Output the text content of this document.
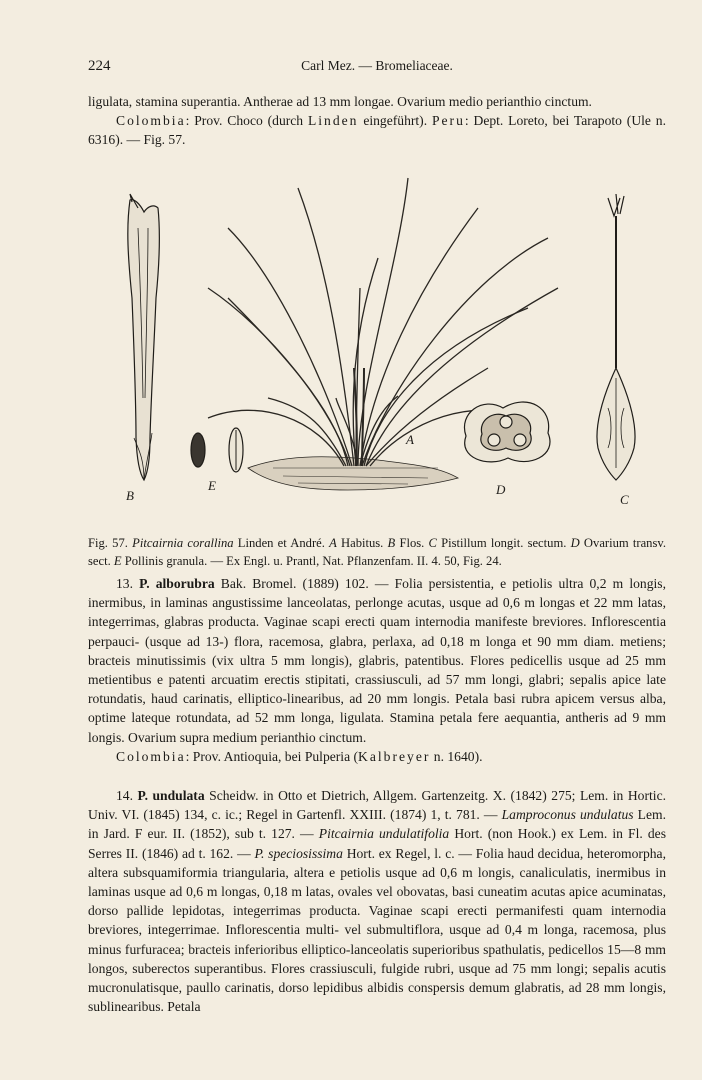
224	Carl Mez. — Bromeliaceae.

ligulata, stamina superantia. Antherae ad 13 mm longae. Ovarium medio perianthio cinctum.

Colombia: Prov. Choco (durch Linden eingeführt). Peru: Dept. Loreto, bei Tarapoto (Ule n. 6316). — Fig. 57.

B
E
A
D
C

Fig. 57. Pitcairnia corallina Linden et André. A Habitus. B Flos. C Pistillum longit. sectum. D Ovarium transv. sect. E Pollinis granula. — Ex Engl. u. Prantl, Nat. Pflanzenfam. II. 4. 50, Fig. 24.

13. P. alborubra Bak. Bromel. (1889) 102. — Folia persistentia, e petiolis ultra 0,2 m longis, inermibus, in laminas angustissime lanceolatas, perlonge acutas, usque ad 0,6 m longas et 22 mm latas, integerrimas, glabras producta. Vaginae scapi erecti quam internodia manifeste breviores. Inflorescentia perpauci- (usque ad 13-) flora, racemosa, glabra, perlaxa, ad 0,18 m longa et 90 mm diam. metiens; bracteis minutissimis (vix ultra 5 mm longis), glabris, patentibus. Flores pedicellis usque ad 25 mm metientibus e patenti arcuatim erectis stipitati, crassiusculi, ad 57 mm longi, glabri; sepalis apice late rotundatis, haud carinatis, elliptico-linearibus, ad 20 mm longis. Petala basi rubra apicem versus alba, optime lateque rotundata, ad 52 mm longa, ligulata. Stamina petala fere aequantia, antheris ad 9 mm longis. Ovarium supra medium perianthio cinctum.

Colombia: Prov. Antioquia, bei Pulperia (Kalbreyer n. 1640).

14. P. undulata Scheidw. in Otto et Dietrich, Allgem. Gartenzeitg. X. (1842) 275; Lem. in Hortic. Univ. VI. (1845) 134, c. ic.; Regel in Gartenfl. XXIII. (1874) 1, t. 781. — Lamproconus undulatus Lem. in Jard. F eur. II. (1852), sub t. 127. — Pitcairnia undulatifolia Hort. (non Hook.) ex Lem. in Fl. des Serres II. (1846) ad t. 162. — P. speciosissima Hort. ex Regel, l. c. — Folia haud decidua, heteromorpha, altera subsquamiformia triangularia, altera e petiolis usque ad 0,6 m longis, canaliculatis, inermibus in laminas usque ad 0,6 m longas, 0,18 m latas, ovales vel obovatas, basi cuneatim acutas apice acuminatas, dorso pallide lepidotas, integerrimas producta. Vaginae scapi erecti permanifesti quam internodia breviores, integerrimae. Inflorescentia multi- vel submultiflora, usque ad 0,4 m longa, racemosa, plus minus furfuracea; bracteis inferioribus elliptico-lanceolatis superioribus spathulatis, pedicellos 15—8 mm longos, suberectos superantibus. Flores crassiusculi, fulgide rubri, usque ad 75 mm longi; sepalis acutis mucronulatisque, paullo carinatis, dorso lepidibus albidis conspersis demum glabratis, ad 28 mm longis, sublinearibus. Petala
